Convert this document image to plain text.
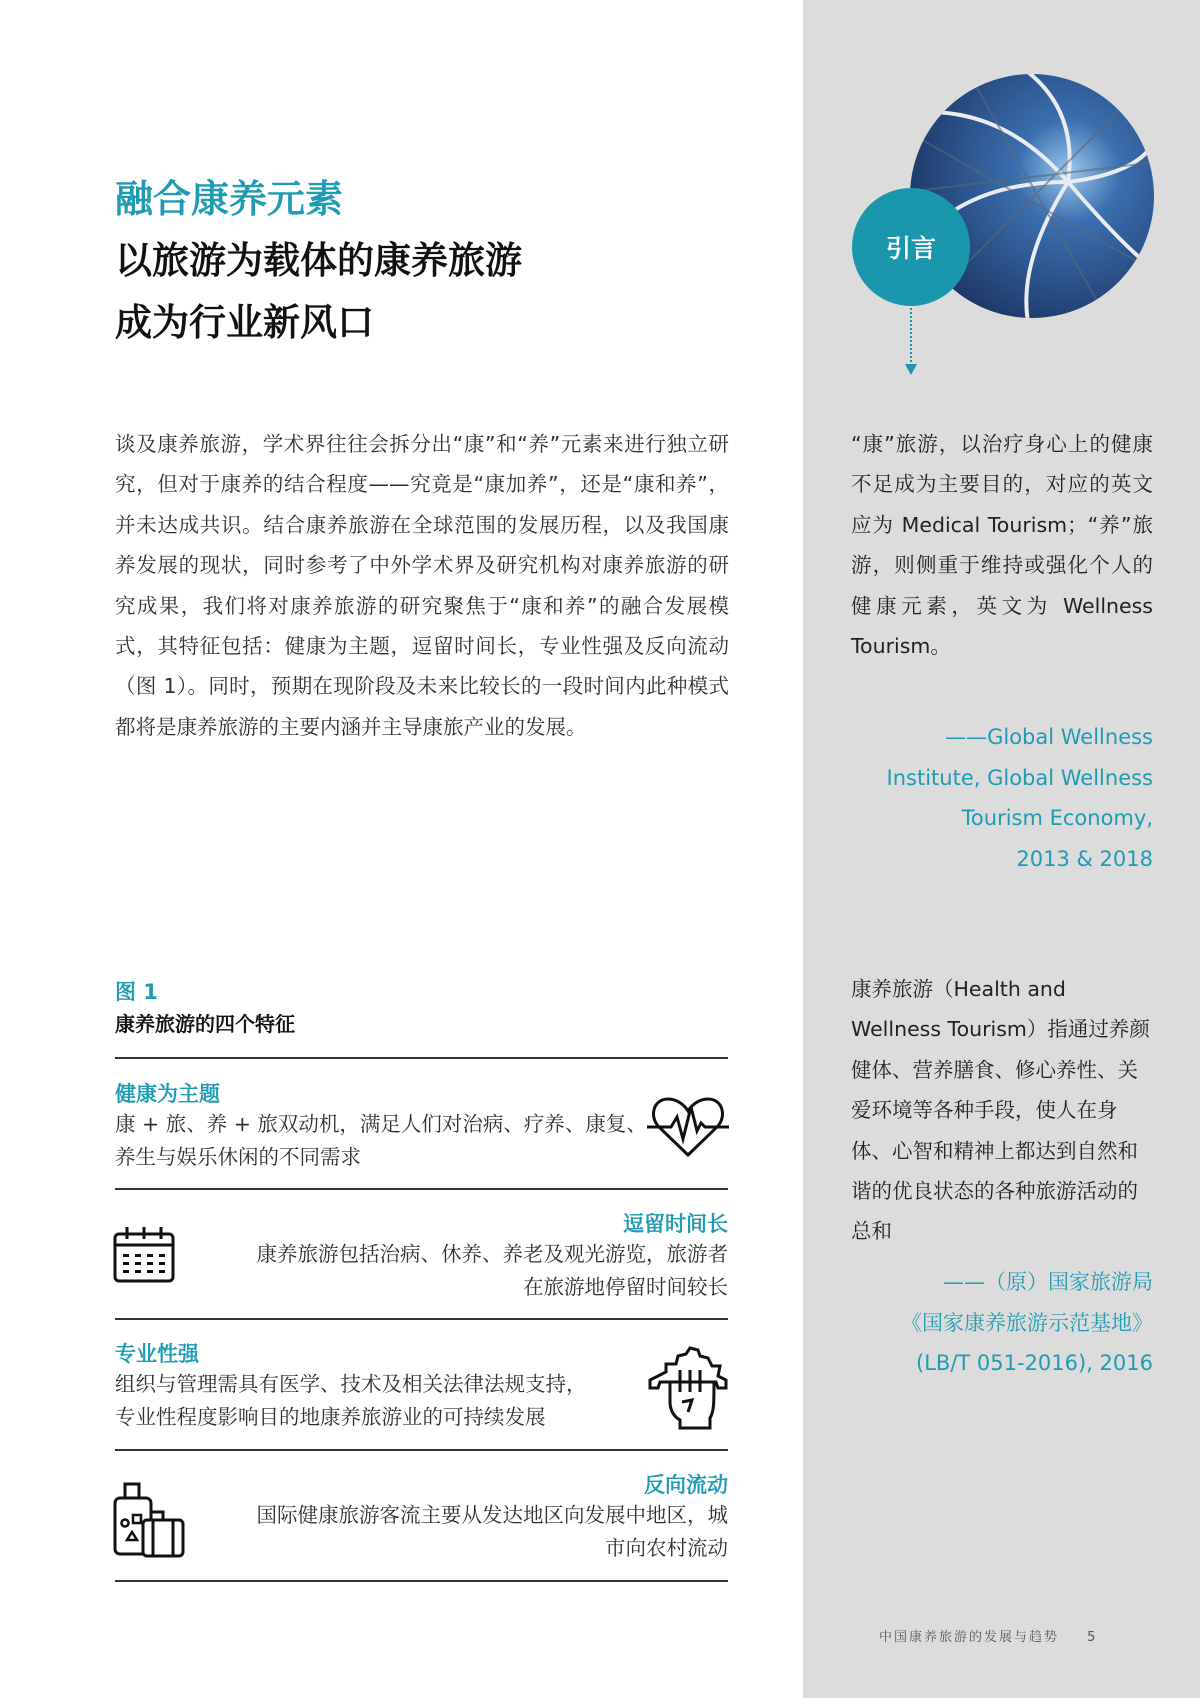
引言
融合康养元素
以旅游为载体的康养旅游
成为行业新风口
谈及康养旅游，学术界往往会拆分出“康”和“养”元素来进行独立研究，但对于康养的结合程度——究竟是“康加养”，还是“康和养”，并未达成共识。结合康养旅游在全球范围的发展历程，以及我国康养发展的现状，同时参考了中外学术界及研究机构对康养旅游的研究成果，我们将对康养旅游的研究聚焦于“康和养”的融合发展模式，其特征包括：健康为主题，逗留时间长，专业性强及反向流动（图 1）。同时，预期在现阶段及未来比较长的一段时间内此种模式都将是康养旅游的主要内涵并主导康旅产业的发展。
“康”旅游，以治疗身心上的健康不足成为主要目的，对应的英文应为 Medical Tourism；“养”旅游，则侧重于维持或强化个人的健康元素，英文为 Wellness Tourism。
——Global Wellness
Institute, Global Wellness
Tourism Economy,
2013 & 2018
康养旅游（Health and Wellness Tourism）指通过养颜健体、营养膳食、修心养性、关爱环境等各种手段，使人在身体、心智和精神上都达到自然和谐的优良状态的各种旅游活动的总和
——（原）国家旅游局
《国家康养旅游示范基地》
(LB/T 051-2016), 2016
图 1
康养旅游的四个特征
健康为主题
康 + 旅、养 + 旅双动机，满足人们对治病、疗养、康复、
养生与娱乐休闲的不同需求
逗留时间长
康养旅游包括治病、休养、养老及观光游览，旅游者
在旅游地停留时间较长
专业性强
组织与管理需具有医学、技术及相关法律法规支持，
专业性程度影响目的地康养旅游业的可持续发展
反向流动
国际健康旅游客流主要从发达地区向发展中地区，城
市向农村流动
中国康养旅游的发展与趋势 5
